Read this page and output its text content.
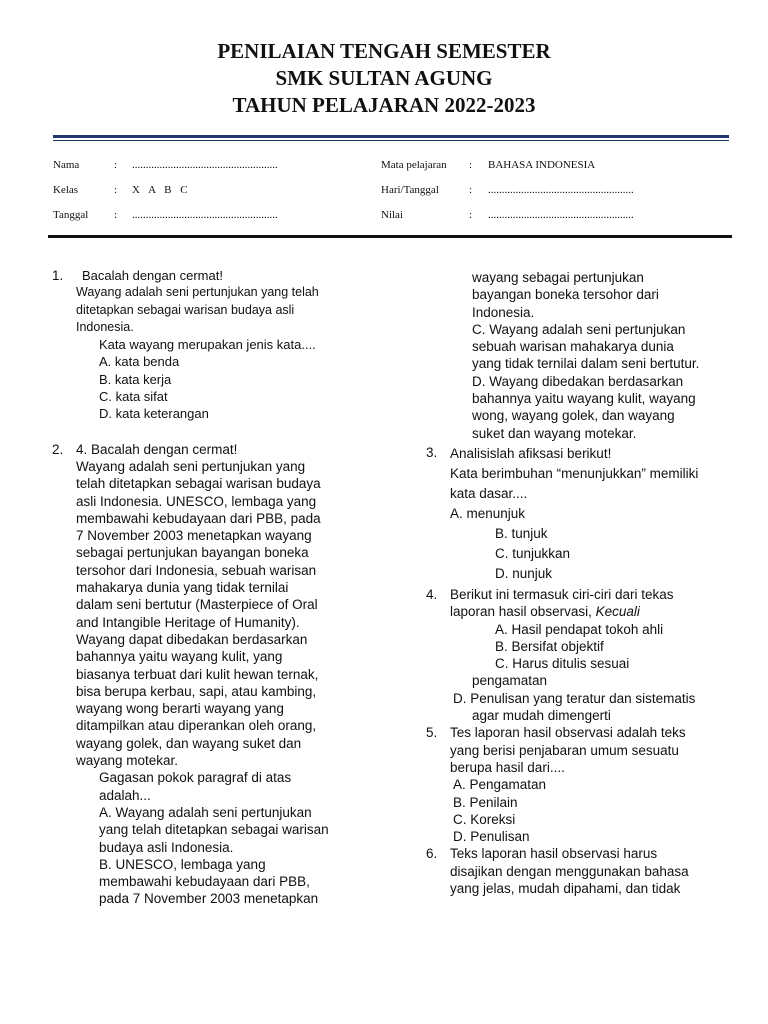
PENILAIAN TENGAH SEMESTER
SMK SULTAN AGUNG
TAHUN PELAJARAN 2022-2023
Nama	: .....................................................
Kelas	: X A B C
Tanggal : .....................................................
Mata pelajaran : BAHASA INDONESIA
Hari/Tanggal	: .....................................................
Nilai	: .....................................................
1.	Bacalah dengan cermat!
Wayang adalah seni pertunjukan yang telah
ditetapkan sebagai warisan budaya asli
Indonesia.
Kata wayang merupakan jenis kata....
A. kata benda
B. kata kerja
C. kata sifat
D. kata keterangan
2. 4. Bacalah dengan cermat!
Wayang adalah seni pertunjukan yang
telah ditetapkan sebagai warisan budaya
asli Indonesia. UNESCO, lembaga yang
membawahi kebudayaan dari PBB, pada
7 November 2003 menetapkan wayang
sebagai pertunjukan bayangan boneka
tersohor dari Indonesia, sebuah warisan
mahakarya dunia yang tidak ternilai
dalam seni bertutur (Masterpiece of Oral
and Intangible Heritage of Humanity).
Wayang dapat dibedakan berdasarkan
bahannya yaitu wayang kulit, yang
biasanya terbuat dari kulit hewan ternak,
bisa berupa kerbau, sapi, atau kambing,
wayang wong berarti wayang yang
ditampilkan atau diperankan oleh orang,
wayang golek, dan wayang suket dan
wayang motekar.
Gagasan pokok paragraf di atas
adalah...
A. Wayang adalah seni pertunjukan
yang telah ditetapkan sebagai warisan
budaya asli Indonesia.
B. UNESCO, lembaga yang
membawahi kebudayaan dari PBB,
pada 7 November 2003 menetapkan
wayang sebagai pertunjukan
bayangan boneka tersohor dari
Indonesia.
C. Wayang adalah seni pertunjukan
sebuah warisan mahakarya dunia
yang tidak ternilai dalam seni bertutur.
D. Wayang dibedakan berdasarkan
bahannya yaitu wayang kulit, wayang
wong, wayang golek, dan wayang
suket dan wayang motekar.
3. Analisislah afiksasi berikut!
Kata berimbuhan “menunjukkan” memiliki
kata dasar....
A. menunjuk
B. tunjuk
C. tunjukkan
D. nunjuk
4. Berikut ini termasuk ciri-ciri dari tekas
laporan hasil observasi, Kecuali
A. Hasil pendapat tokoh ahli
B. Bersifat objektif
C. Harus ditulis sesuai
pengamatan
D. Penulisan yang teratur dan sistematis
agar mudah dimengerti
5. Tes laporan hasil observasi adalah teks
yang berisi penjabaran umum sesuatu
berupa hasil dari....
A. Pengamatan
B. Penilain
C. Koreksi
D. Penulisan
6. Teks laporan hasil observasi harus
disajikan dengan menggunakan bahasa
yang jelas, mudah dipahami, dan tidak
